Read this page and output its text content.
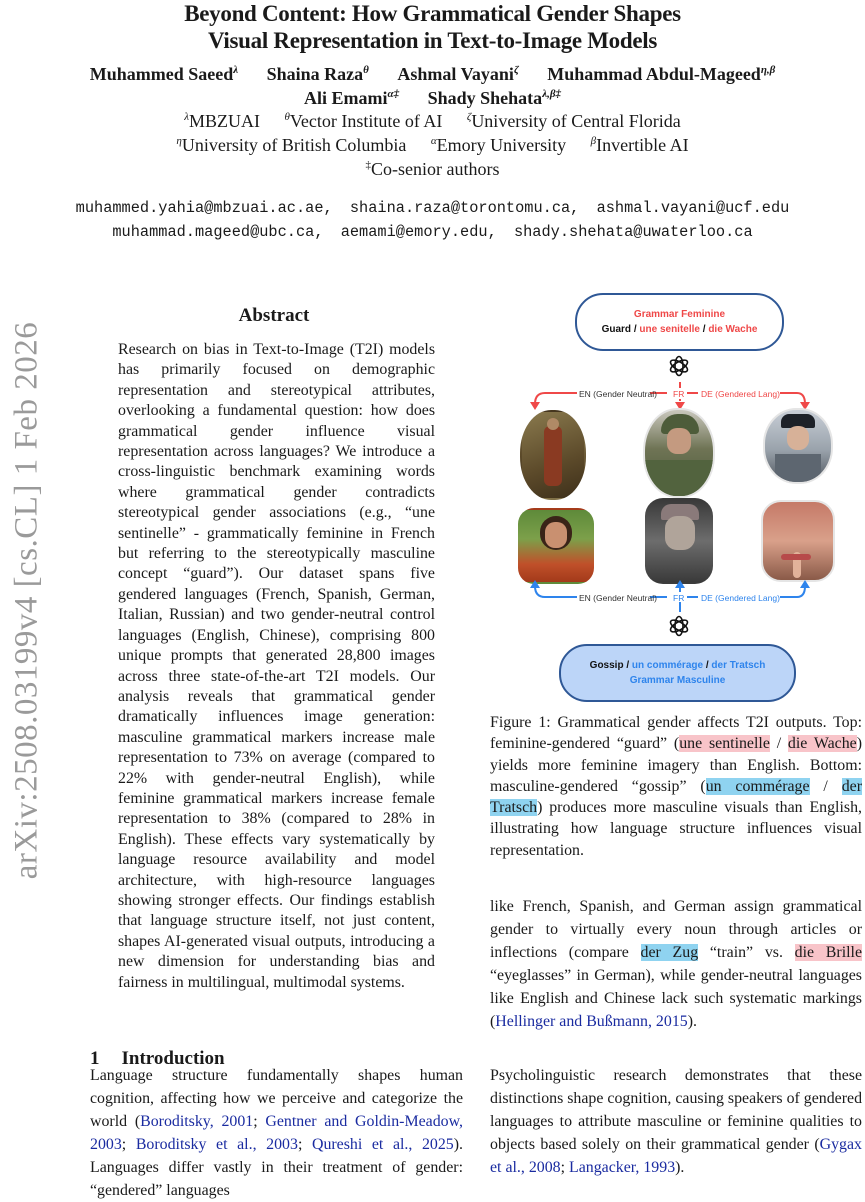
Beyond Content: How Grammatical Gender Shapes
Visual Representation in Text-to-Image Models
Muhammed Saeed$^\lambda$ Shaina Raza$^\theta$ Ashmal Vayani$^\zeta$ Muhammad Abdul-Mageed$^{\eta,\beta}$
Ali Emami$^{\alpha\ddagger}$ Shady Shehata$^{\lambda,\beta\ddagger}$
$^\lambda$MBZUAI $^\theta$Vector Institute of AI $^\zeta$University of Central Florida
$^\eta$University of British Columbia $^\alpha$Emory University $^\beta$Invertible AI
‡Co-senior authors
muhammed.yahia@mbzuai.ac.ae, shaina.raza@torontomu.ca, ashmal.vayani@ucf.edu
muhammad.mageed@ubc.ca, aemami@emory.edu, shady.shehata@uwaterloo.ca
arXiv:2508.03199v4 [cs.CL] 1 Feb 2026
Abstract
Research on bias in Text-to-Image (T2I) models has primarily focused on demographic representation and stereotypical attributes, overlooking a fundamental question: how does grammatical gender influence visual representation across languages? We introduce a cross-linguistic benchmark examining words where grammatical gender contradicts stereotypical gender associations (e.g., “une sentinelle” - grammatically feminine in French but referring to the stereotypically masculine concept “guard”). Our dataset spans five gendered languages (French, Spanish, German, Italian, Russian) and two gender-neutral control languages (English, Chinese), comprising 800 unique prompts that generated 28,800 images across three state-of-the-art T2I models. Our analysis reveals that grammatical gender dramatically influences image generation: masculine grammatical markers increase male representation to 73% on average (compared to 22% with gender-neutral English), while feminine grammatical markers increase female representation to 38% (compared to 28% in English). These effects vary systematically by language resource availability and model architecture, with high-resource languages showing stronger effects. Our findings establish that language structure itself, not just content, shapes AI-generated visual outputs, introducing a new dimension for understanding bias and fairness in multilingual, multimodal systems.
1 Introduction
Language structure fundamentally shapes human cognition, affecting how we perceive and categorize the world (Boroditsky, 2001; Gentner and Goldin-Meadow, 2003; Boroditsky et al., 2003; Qureshi et al., 2025). Languages differ vastly in their treatment of gender: “gendered” languages
Grammar Feminine
Guard / une senitelle / die Wache
EN (Gender Neutral) FR DE (Gendered Lang)
EN (Gender Neutral) FR DE (Gendered Lang)
Gossip / un commérage / der Tratsch
Grammar Masculine
Figure 1: Grammatical gender affects T2I outputs. Top: feminine-gendered “guard” (une sentinelle / die Wache) yields more feminine imagery than English. Bottom: masculine-gendered “gossip” (un commérage / der Tratsch) produces more masculine visuals than English, illustrating how language structure influences visual representation.
like French, Spanish, and German assign grammatical gender to virtually every noun through articles or inflections (compare der Zug “train” vs. die Brille “eyeglasses” in German), while gender-neutral languages like English and Chinese lack such systematic markings (Hellinger and Bußmann, 2015).
Psycholinguistic research demonstrates that these distinctions shape cognition, causing speakers of gendered languages to attribute masculine or feminine qualities to objects based solely on their grammatical gender (Gygax et al., 2008; Langacker, 1993).
